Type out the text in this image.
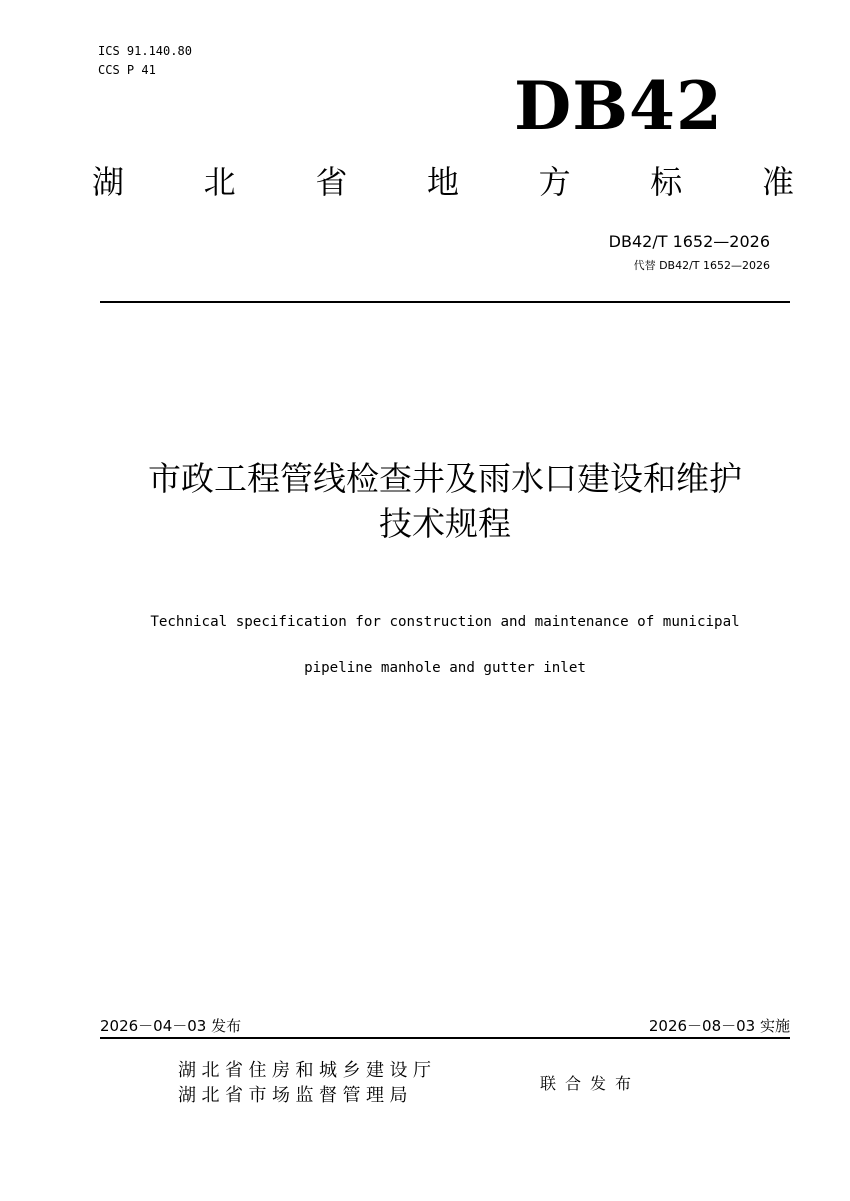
ICS 91.140.80
CCS P 41	DB42
湖 北 省 地 方 标 准
DB42/T 1652—2026
代替 DB42/T 1652—2026
市政工程管线检查井及雨水口建设和维护
技术规程

Technical specification for construction and maintenance of municipal

pipeline manhole and gutter inlet

2026－04－03 发布	2026－08－03 实施
湖北省住房和城乡建设厅
湖北省市场监督管理局
联合发布
